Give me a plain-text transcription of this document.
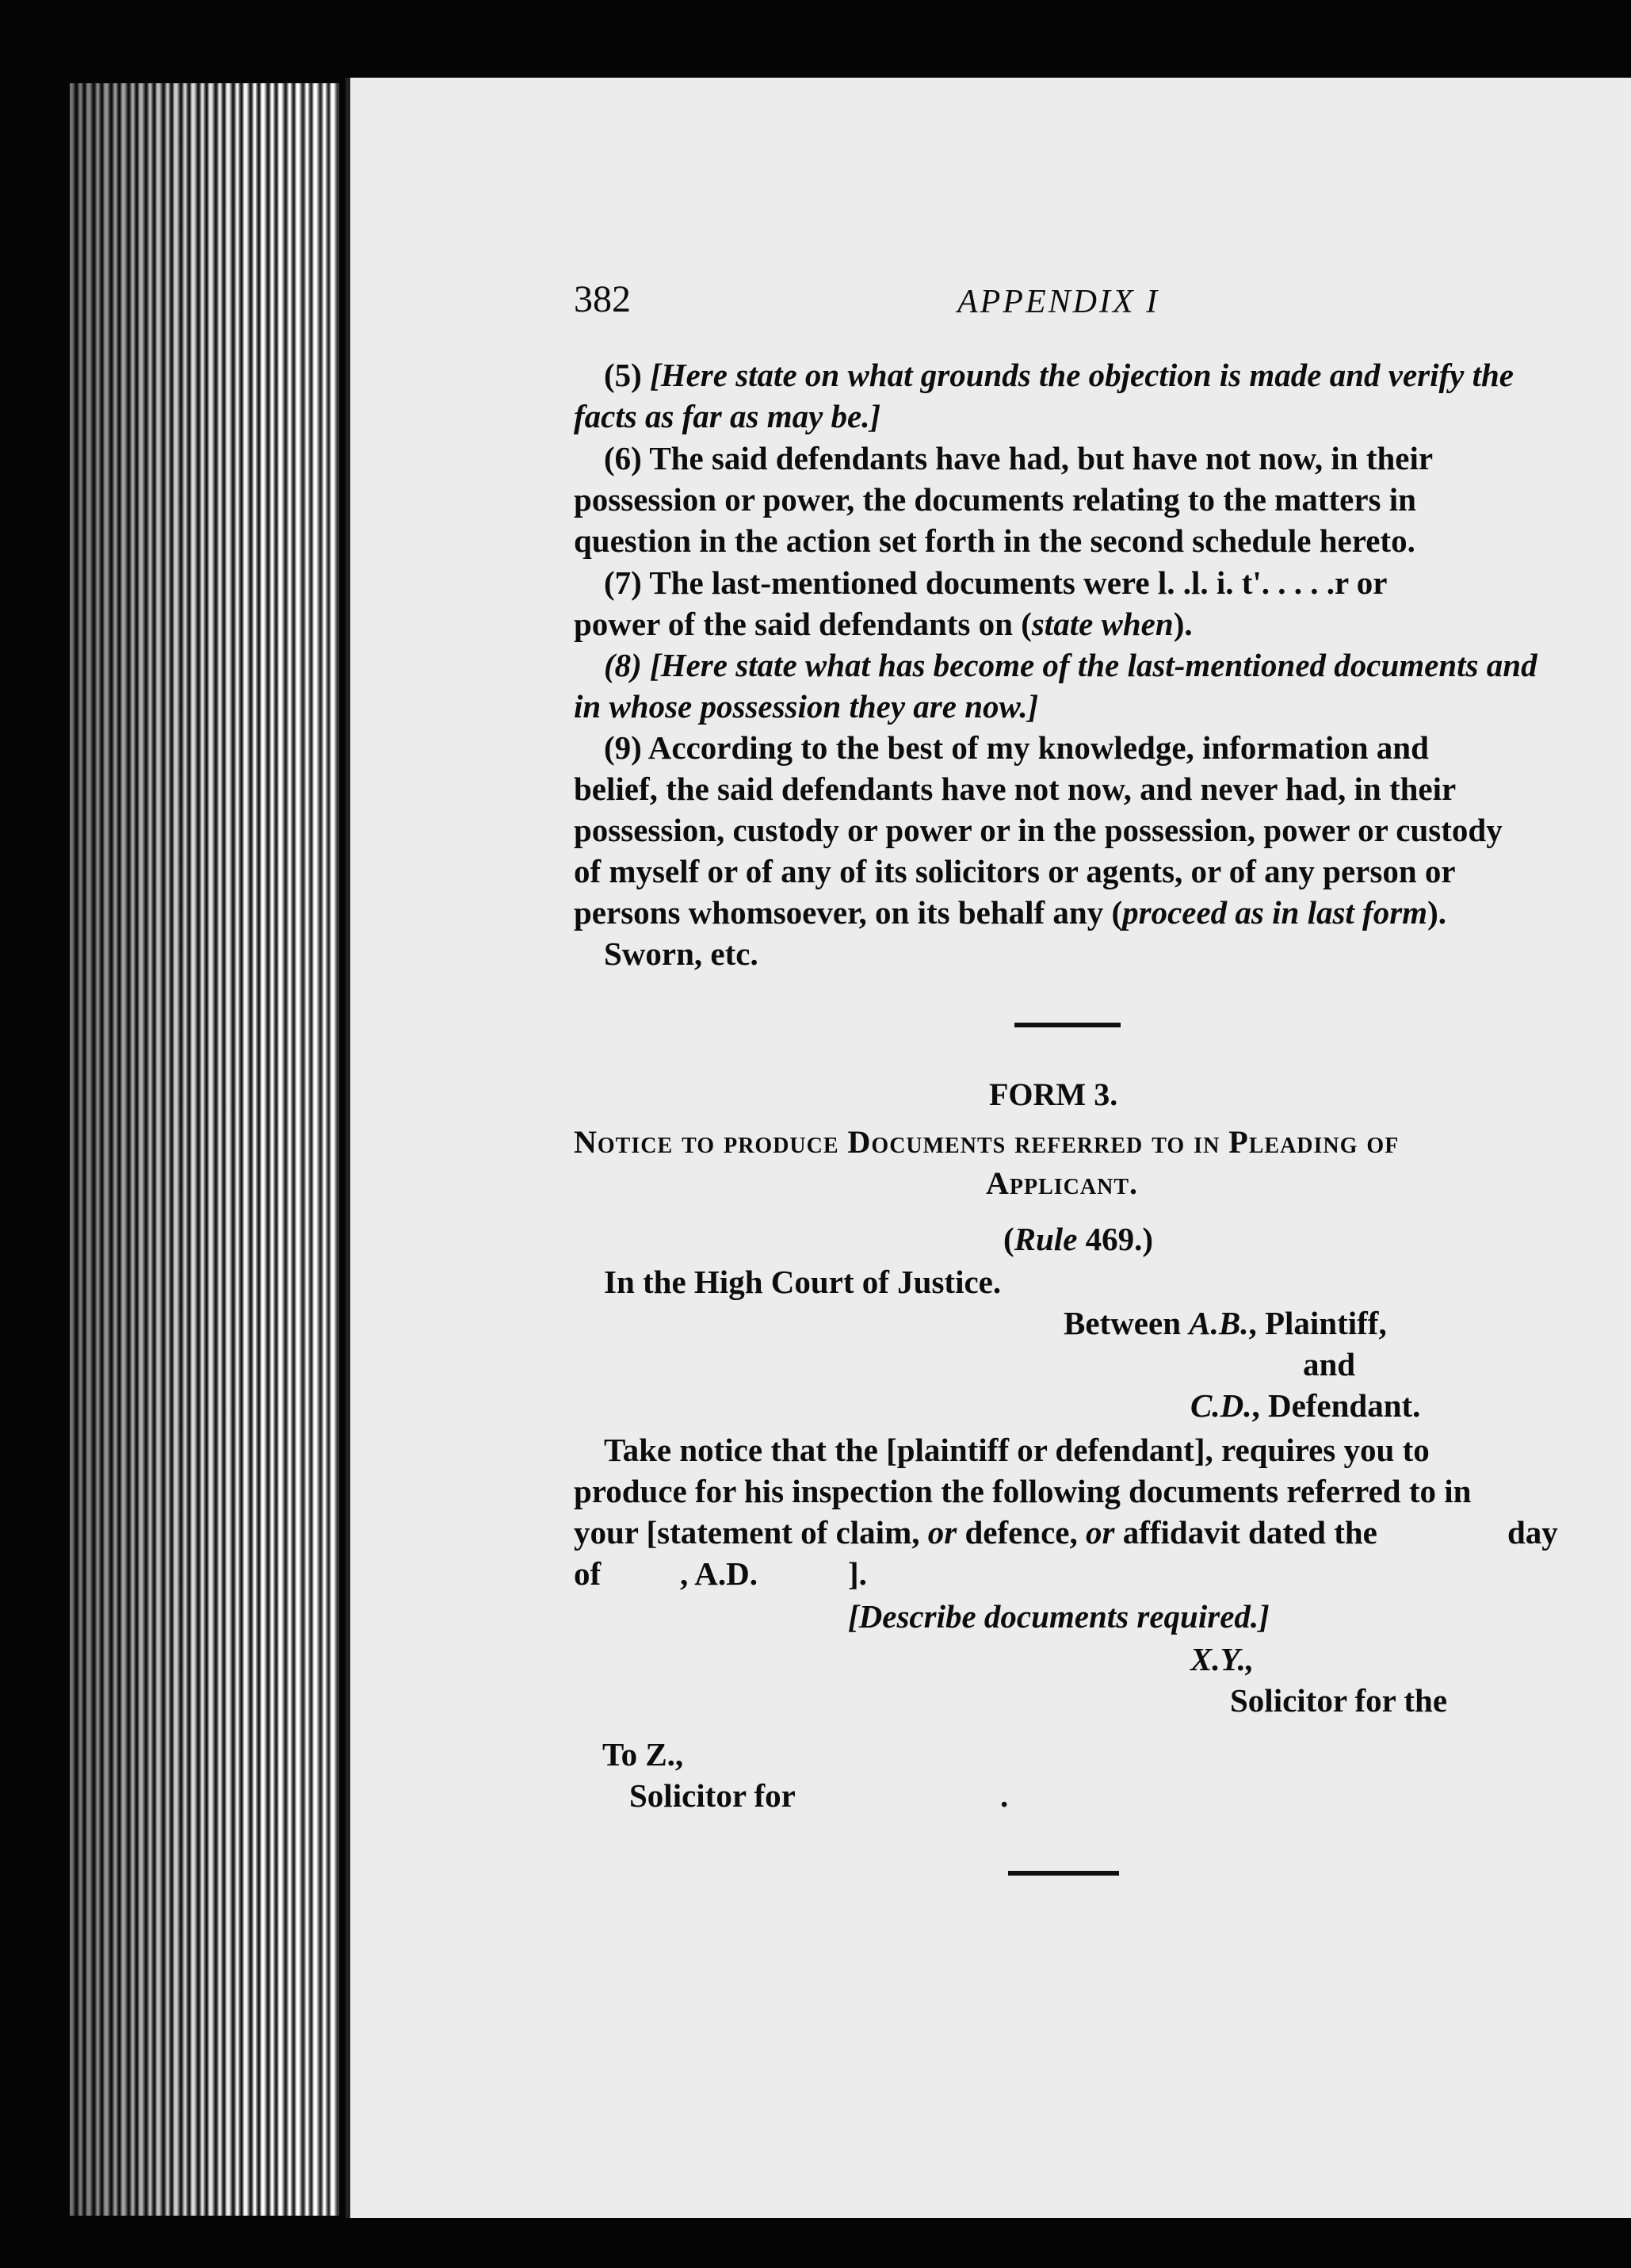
382	APPENDIX I
(5) [Here state on what grounds the objection is made and verify the
facts as far as may be.]
(6) The said defendants have had, but have not now, in their
possession or power, the documents relating to the matters in
question in the action set forth in the second schedule hereto.
(7) The last-mentioned documents were l. .l. i. t'. . . . .r or
power of the said defendants on (state when).
(8) [Here state what has become of the last-mentioned documents and
in whose possession they are now.]
(9) According to the best of my knowledge, information and
belief, the said defendants have not now, and never had, in their
possession, custody or power or in the possession, power or custody
of myself or of any of its solicitors or agents, or of any person or
persons whomsoever, on its behalf any (proceed as in last form).
Sworn, etc.
FORM 3.
Notice to produce Documents referred to in Pleading of
Applicant.
(Rule 469.)
In the High Court of Justice.
Between A.B., Plaintiff,
and
C.D., Defendant.
Take notice that the [plaintiff or defendant], requires you to
produce for his inspection the following documents referred to in
your [statement of claim, or defence, or affidavit dated the	day
of , A.D.	].
[Describe documents required.]
X.Y.,
Solicitor for the
To Z.,
Solicitor for	.
